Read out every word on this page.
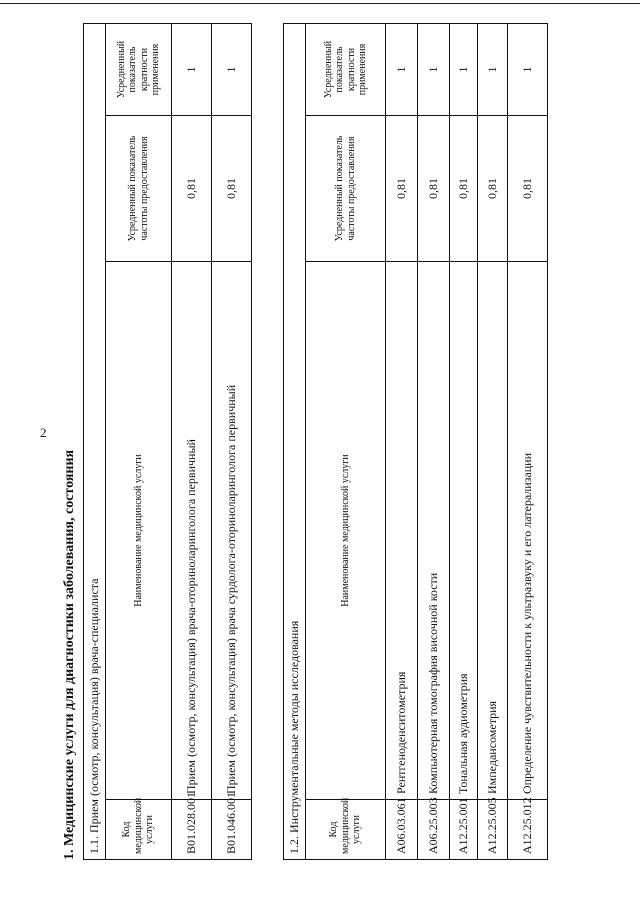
2
1. Медицинские услуги для диагностики заболевания, состояния 1.1. Прием (осмотр, консультация) врача-специалиста			
Код медицинской услуги	Наименование медицинской услуги	Усредненный показатель частоты предоставления	Усредненный показатель кратности применения
B01.028.001	Прием (осмотр, консультация) врача-оториноларинголога первичный	0,81	1
B01.046.001	Прием (осмотр, консультация) врача сурдолога-оториноларинголога первичный	0,81	1
1.2. Инструментальные методы исследования			
Код медицинской услуги	Наименование медицинской услуги	Усредненный показатель частоты предоставления	Усредненный показатель кратности применения
A06.03.061	Рентгеноденситометрия	0,81	1
A06.25.003	Компьютерная томография височной кости	0,81	1
A12.25.001	Тональная аудиометрия	0,81	1
A12.25.005	Импедансометрия	0,81	1
A12.25.012	Определение чувствительности к ультразвуку и его латерализации	0,81	1
